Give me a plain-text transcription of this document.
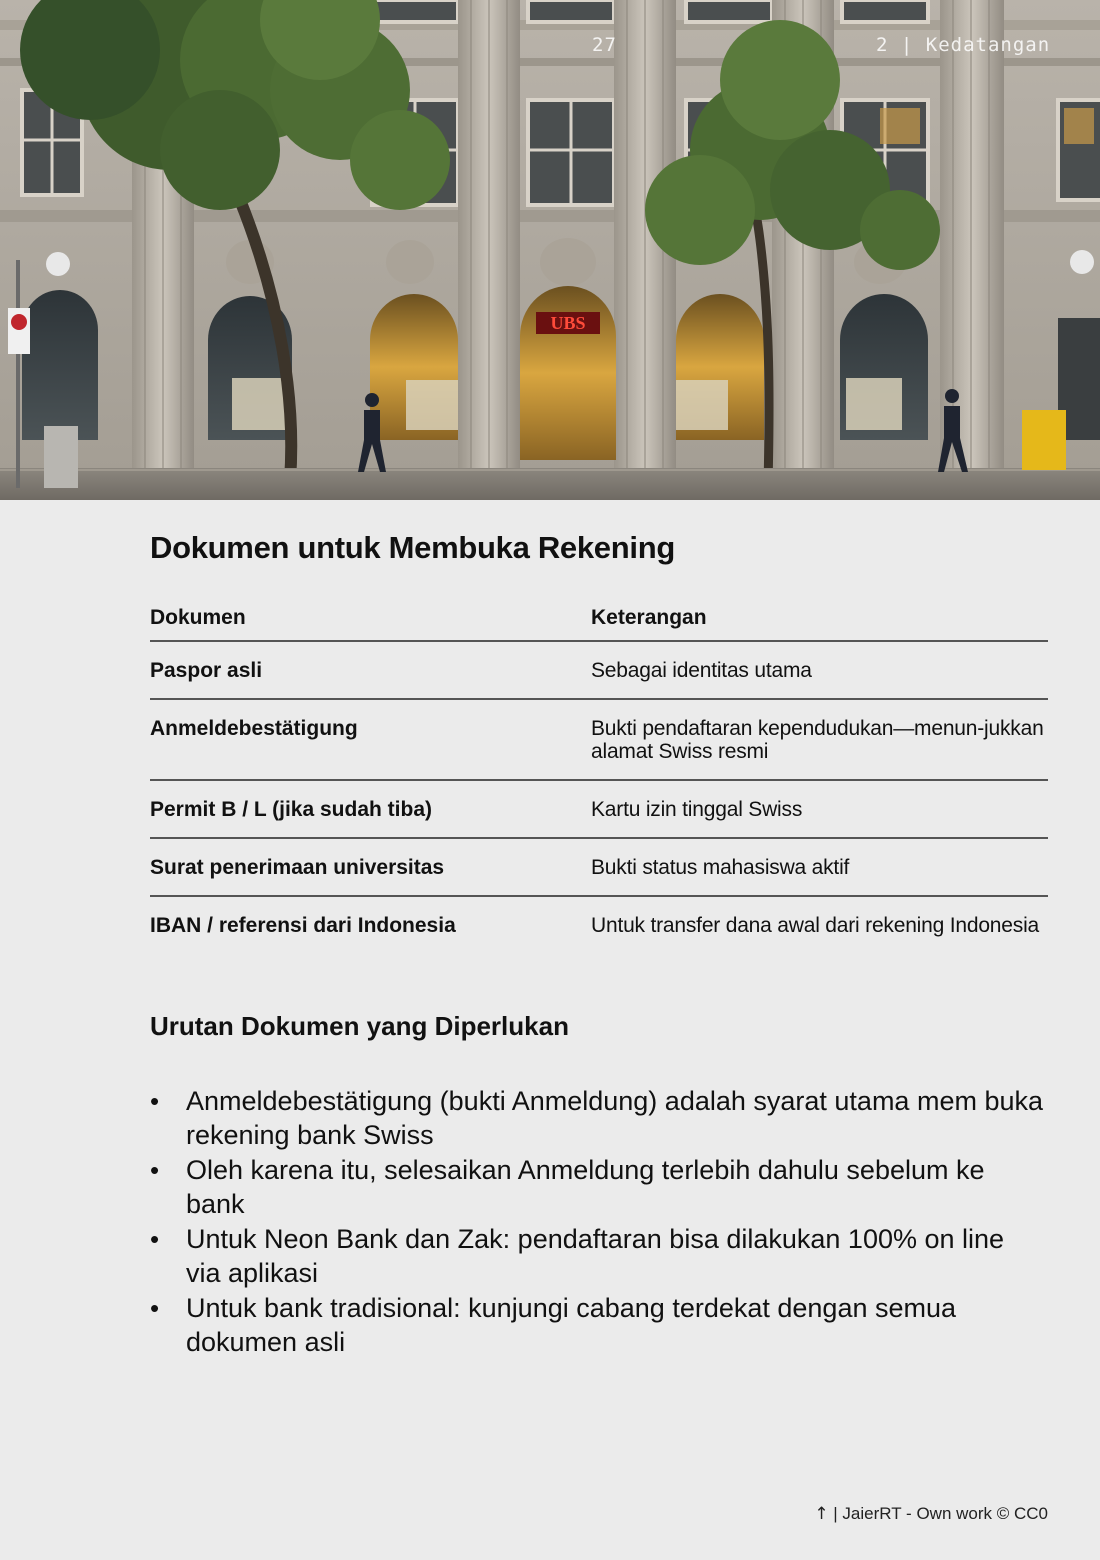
UBS
27	2 | Kedatangan
Dokumen untuk Membuka Rekening
Dokumen	Keterangan
Paspor asli	Sebagai identitas utama
Anmeldebestätigung	Bukti pendaftaran kependudukan—menun-jukkan alamat Swiss resmi
Permit B / L (jika sudah tiba)	Kartu izin tinggal Swiss
Surat penerimaan universitas	Bukti status mahasiswa aktif
IBAN / referensi dari Indonesia	Untuk transfer dana awal dari rekening Indonesia
Urutan Dokumen yang Diperlukan
• Anmeldebestätigung (bukti Anmeldung) adalah syarat utama mem buka rekening bank Swiss
• Oleh karena itu, selesaikan Anmeldung terlebih dahulu sebelum ke bank
• Untuk Neon Bank dan Zak: pendaftaran bisa dilakukan 100% on line via aplikasi
• Untuk bank tradisional: kunjungi cabang terdekat dengan semua dokumen asli
↑ | JaierRT - Own work © CC0
